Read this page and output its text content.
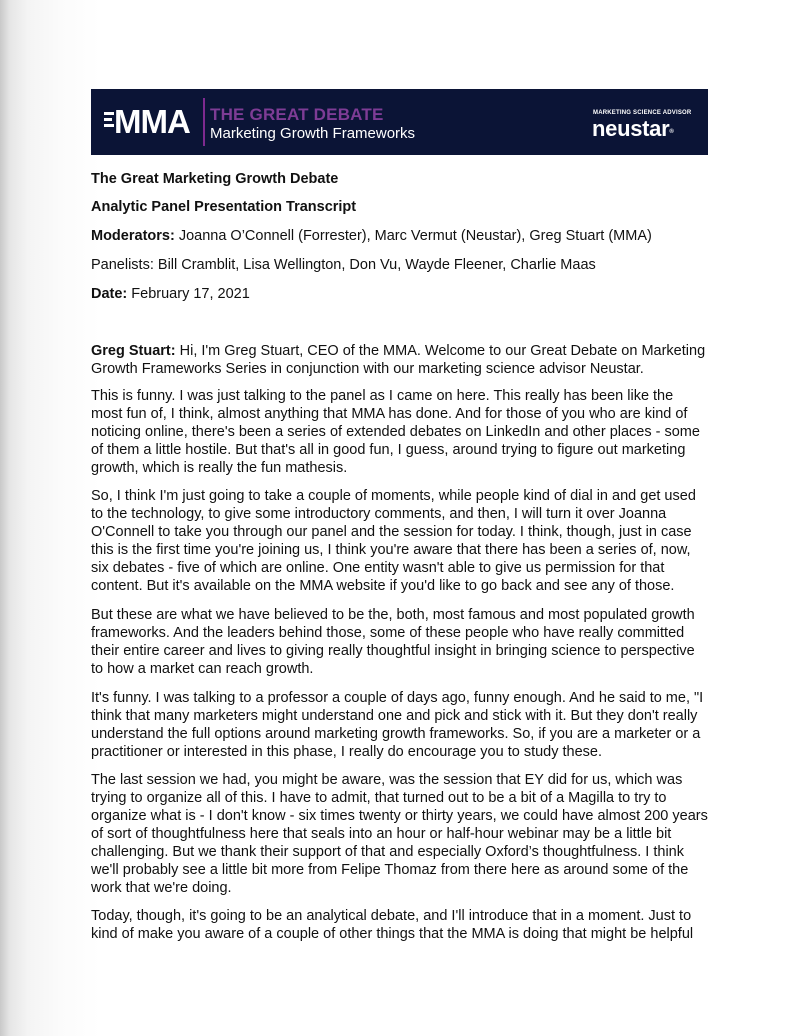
MMA THE GREAT DEBATE
Marketing Growth Frameworks
MARKETING SCIENCE ADVISOR
neustar®

The Great Marketing Growth Debate

Analytic Panel Presentation Transcript

Moderators: Joanna O’Connell (Forrester), Marc Vermut (Neustar), Greg Stuart (MMA)

Panelists: Bill Cramblit, Lisa Wellington, Don Vu, Wayde Fleener, Charlie Maas

Date: February 17, 2021

Greg Stuart: Hi, I'm Greg Stuart, CEO of the MMA. Welcome to our Great Debate on Marketing
Growth Frameworks Series in conjunction with our marketing science advisor Neustar.
This is funny. I was just talking to the panel as I came on here. This really has been like the
most fun of, I think, almost anything that MMA has done. And for those of you who are kind of
noticing online, there's been a series of extended debates on LinkedIn and other places - some
of them a little hostile. But that's all in good fun, I guess, around trying to figure out marketing
growth, which is really the fun mathesis.
So, I think I'm just going to take a couple of moments, while people kind of dial in and get used
to the technology, to give some introductory comments, and then, I will turn it over Joanna
O'Connell to take you through our panel and the session for today. I think, though, just in case
this is the first time you're joining us, I think you're aware that there has been a series of, now,
six debates - five of which are online. One entity wasn't able to give us permission for that
content. But it's available on the MMA website if you'd like to go back and see any of those.
But these are what we have believed to be the, both, most famous and most populated growth
frameworks. And the leaders behind those, some of these people who have really committed
their entire career and lives to giving really thoughtful insight in bringing science to perspective
to how a market can reach growth.
It's funny. I was talking to a professor a couple of days ago, funny enough. And he said to me, "I
think that many marketers might understand one and pick and stick with it. But they don't really
understand the full options around marketing growth frameworks. So, if you are a marketer or a
practitioner or interested in this phase, I really do encourage you to study these.
The last session we had, you might be aware, was the session that EY did for us, which was
trying to organize all of this. I have to admit, that turned out to be a bit of a Magilla to try to
organize what is - I don't know - six times twenty or thirty years, we could have almost 200 years
of sort of thoughtfulness here that seals into an hour or half-hour webinar may be a little bit
challenging. But we thank their support of that and especially Oxford’s thoughtfulness. I think
we'll probably see a little bit more from Felipe Thomaz from there here as around some of the
work that we're doing.
Today, though, it's going to be an analytical debate, and I'll introduce that in a moment. Just to
kind of make you aware of a couple of other things that the MMA is doing that might be helpful
